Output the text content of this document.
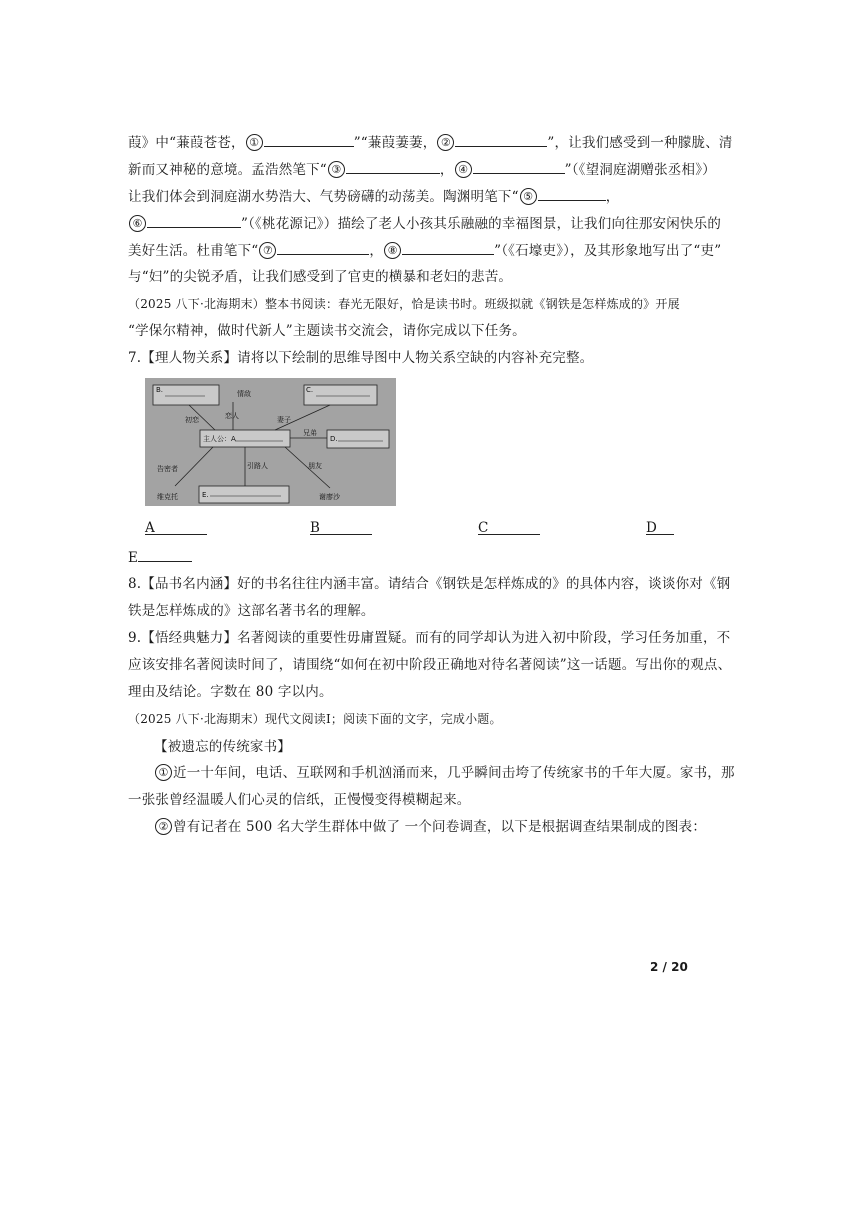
葭》中“蒹葭苍苍， ①	”“蒹葭萋萋， ②	”，让我们感受到一种朦胧、清
新而又神秘的意境。孟浩然笔下“ ③	， ④	”（《望洞庭湖赠张丞相》）
让我们体会到洞庭湖水势浩大、气势磅礴的动荡美。陶渊明笔下“ ⑤	，
⑥	”（《桃花源记》）描绘了老人小孩其乐融融的幸福图景，让我们向往那安闲快乐的
美好生活。杜甫笔下“ ⑦	， ⑧	”（《石壕吏》），及其形象地写出了“吏”
与“妇”的尖锐矛盾，让我们感受到了官吏的横暴和老妇的悲苦。
（2025 八下·北海期末）整本书阅读：春光无限好，恰是读书时。班级拟就《钢铁是怎样炼成的》开展
“学保尔精神，做时代新人”主题读书交流会，请你完成以下任务。
7.【理人物关系】请将以下绘制的思维导图中人物关系空缺的内容补充完整。
B.	C.
主人公：A	D.
E.
情敌
初恋	恋人	妻子
兄弟
告密者	引路人	朋友
维克托	谢廖沙
A	B	C	D
E
8.【品书名内涵】好的书名往往内涵丰富。请结合《钢铁是怎样炼成的》的具体内容，谈谈你对《钢
铁是怎样炼成的》这部名著书名的理解。
9.【悟经典魅力】名著阅读的重要性毋庸置疑。而有的同学却认为进入初中阶段，学习任务加重，不
应该安排名著阅读时间了，请围绕“如何在初中阶段正确地对待名著阅读”这一话题。写出你的观点、
理由及结论。字数在 80 字以内。
（2025 八下·北海期末）现代文阅读Ⅰ；阅读下面的文字，完成小题。
【被遗忘的传统家书】
① 近一十年间，电话、互联网和手机汹涌而来，几乎瞬间击垮了传统家书的千年大厦。家书，那
一张张曾经温暖人们心灵的信纸，正慢慢变得模糊起来。
② 曾有记者在 500 名大学生群体中做了 一个问卷调查，以下是根据调查结果制成的图表：
2 / 20
